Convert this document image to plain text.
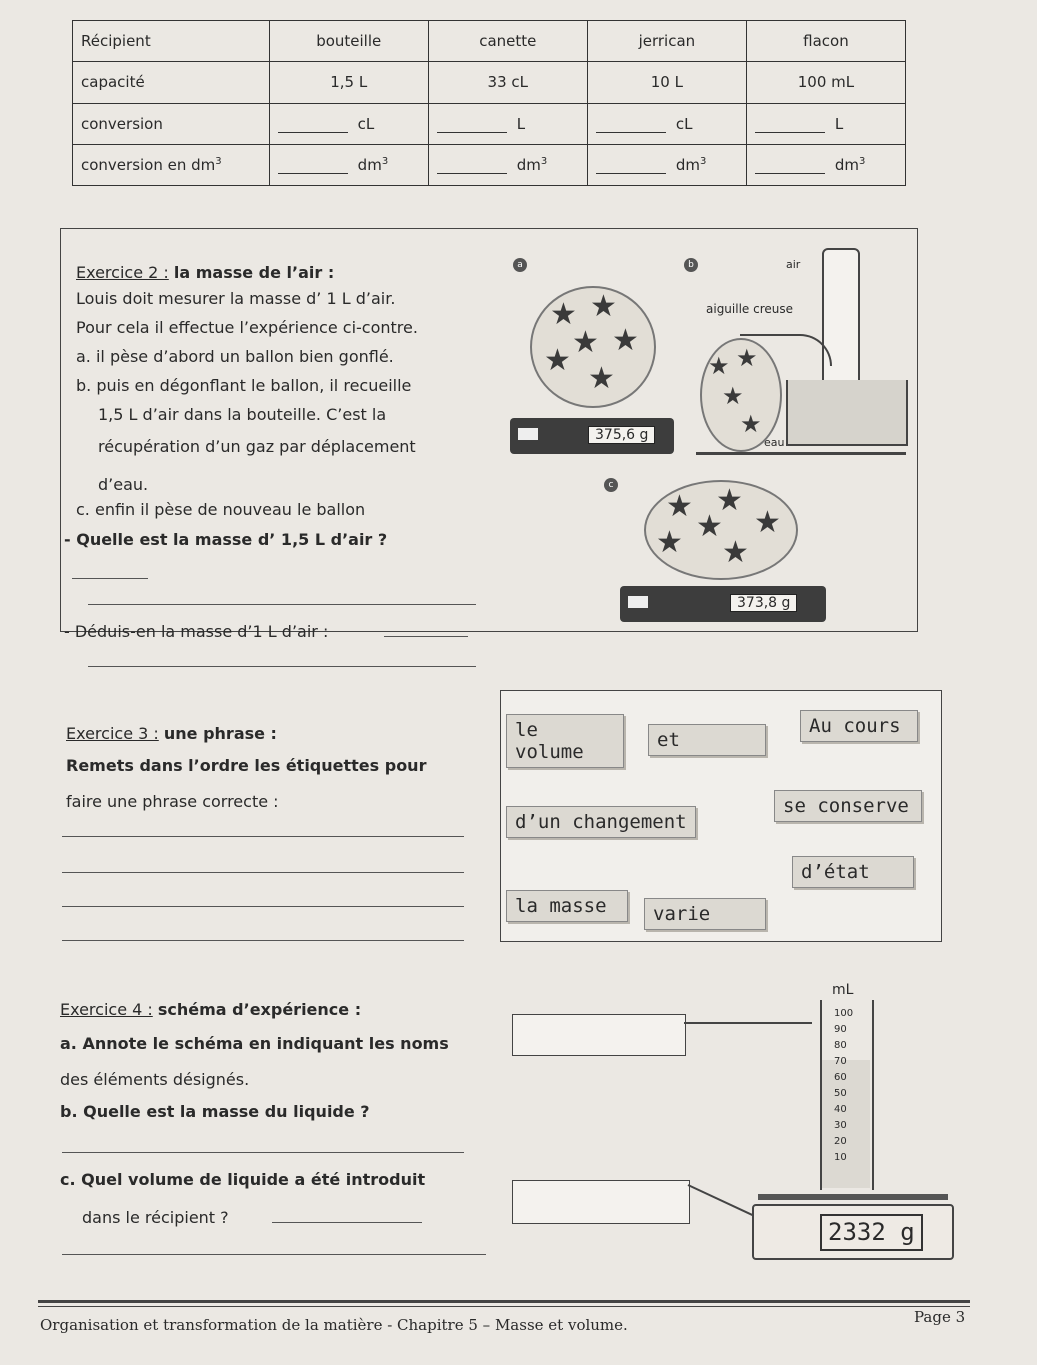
Récipient	bouteille	canette	jerrican	flacon
capacité	1,5 L	33 cL	10 L	100 mL
conversion	cL	L	cL	L
conversion en $dm^3$	$dm^3$	$dm^3$	$dm^3$	$dm^3$
Exercice 2 : la masse de l’air :
Louis doit mesurer la masse d’ 1 L d’air.
Pour cela il effectue l’expérience ci-contre.
a. il pèse d’abord un ballon bien gonflé.
b. puis en dégonflant le ballon, il recueille
1,5 L d’air dans la bouteille. C’est la
récupération d’un gaz par déplacement
d’eau.
c. enfin il pèse de nouveau le ballon
- Quelle est la masse d’ 1,5 L d’air ?
- Déduis-en la masse d’1 L d’air :
a	b
c
★ ★
★ ★
★
★
375,6 g
★ ★
★
★
aiguille creuse
air
eau
★ ★
★ ★
★ ★
373,8 g
Exercice 3 : une phrase :
Remets dans l’ordre les étiquettes pour
faire une phrase correcte :
le volume
et
Au cours
d’un changement
se conserve
d’état
la masse	varie
Exercice 4 : schéma d’expérience :
a. Annote le schéma en indiquant les noms
des éléments désignés.
b. Quelle est la masse du liquide ?
c. Quel volume de liquide a été introduit
dans le récipient ?
mL
100
90
80
70
60
50
40
30
20
10
2332 g
Organisation et transformation de la matière - Chapitre 5 – Masse et volume.	Page 3
